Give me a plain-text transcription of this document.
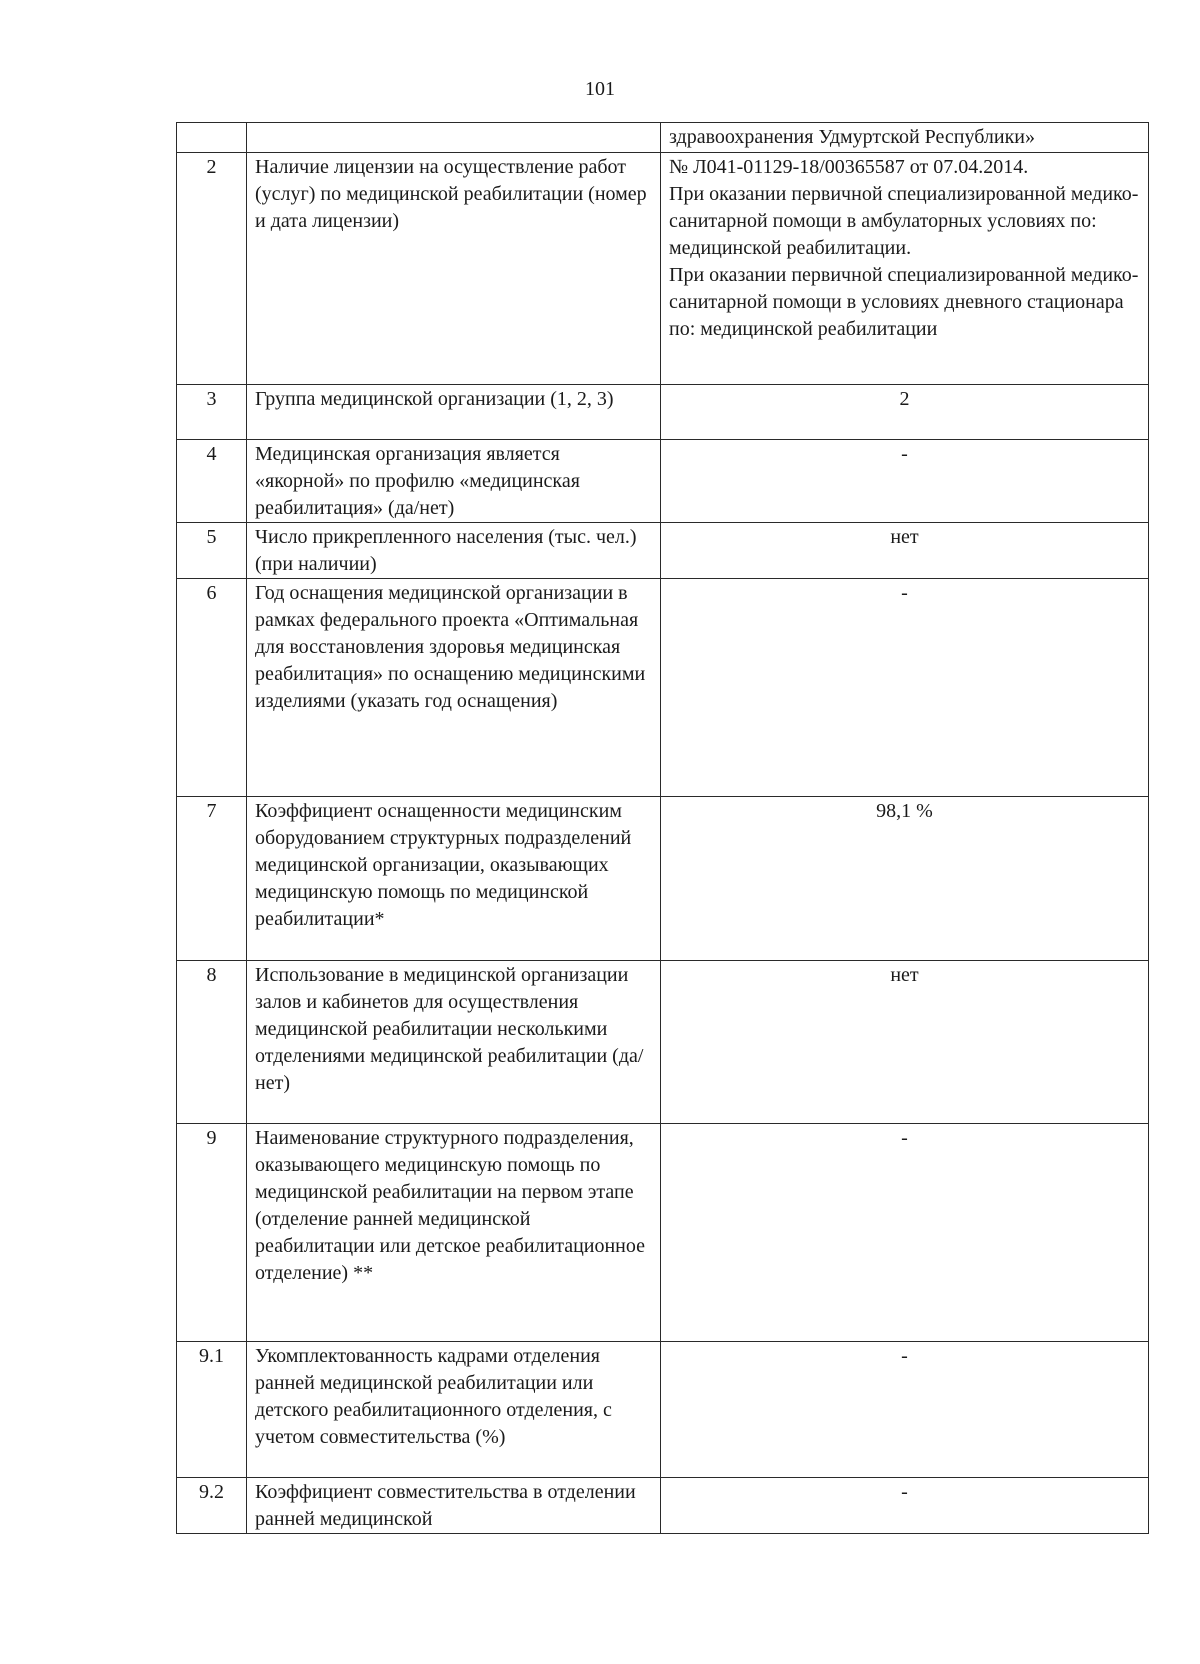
101
		здравоохранения Удмуртской Республики»
2	Наличие лицензии на осуществление работ (услуг) по медицинской реабилитации (номер и дата лицензии)	№ Л041-01129-18/00365587 от 07.04.2014.
При оказании первичной специализированной медико-санитарной помощи в амбулаторных условиях по: медицинской реабилитации.
При оказании первичной специализированной медико-санитарной помощи в условиях дневного стационара по: медицинской реабилитации
3	Группа медицинской организации (1, 2, 3)	2
4	Медицинская организация является «якорной» по профилю «медицинская реабилитация» (да/нет)	-
5	Число прикрепленного населения (тыс. чел.) (при наличии)	нет
6	Год оснащения медицинской организации в рамках федерального проекта «Оптимальная для восстановления здоровья медицинская
реабилитация» по оснащению медицинскими изделиями (указать год оснащения)	-
7	Коэффициент оснащенности медицинским оборудованием структурных подразделений медицинской организации, оказывающих медицинскую помощь по медицинской реабилитации*	98,1 %
8	Использование в медицинской организации залов и кабинетов для осуществления медицинской реабилитации несколькими отделениями медицинской реабилитации (да/нет)	нет
9	Наименование структурного подразделения, оказывающего медицинскую помощь по медицинской реабилитации на первом этапе (отделение ранней медицинской реабилитации или детское реабилитационное отделение) **	-
9.1	Укомплектованность кадрами отделения ранней медицинской реабилитации или детского реабилитационного отделения, с учетом совместительства (%)	-
9.2	Коэффициент совместительства в отделении ранней медицинской	-
